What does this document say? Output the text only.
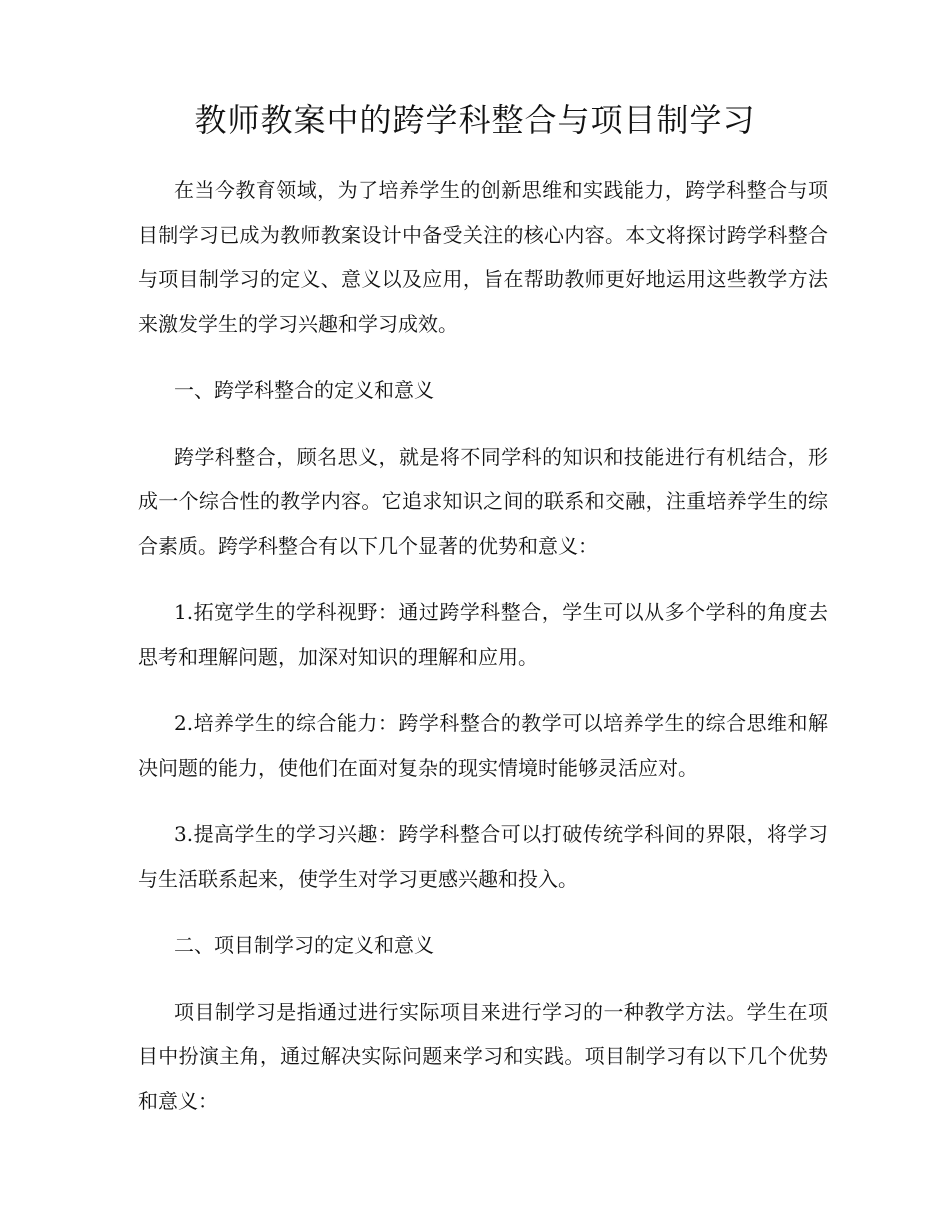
教师教案中的跨学科整合与项目制学习

在当今教育领域，为了培养学生的创新思维和实践能力，跨学科整合与项目制学习已成为教师教案设计中备受关注的核心内容。本文将探讨跨学科整合与项目制学习的定义、意义以及应用，旨在帮助教师更好地运用这些教学方法来激发学生的学习兴趣和学习成效。

一、跨学科整合的定义和意义

跨学科整合，顾名思义，就是将不同学科的知识和技能进行有机结合，形成一个综合性的教学内容。它追求知识之间的联系和交融，注重培养学生的综合素质。跨学科整合有以下几个显著的优势和意义：

1.拓宽学生的学科视野：通过跨学科整合，学生可以从多个学科的角度去思考和理解问题，加深对知识的理解和应用。

2.培养学生的综合能力：跨学科整合的教学可以培养学生的综合思维和解决问题的能力，使他们在面对复杂的现实情境时能够灵活应对。

3.提高学生的学习兴趣：跨学科整合可以打破传统学科间的界限，将学习与生活联系起来，使学生对学习更感兴趣和投入。

二、项目制学习的定义和意义

项目制学习是指通过进行实际项目来进行学习的一种教学方法。学生在项目中扮演主角，通过解决实际问题来学习和实践。项目制学习有以下几个优势和意义：
